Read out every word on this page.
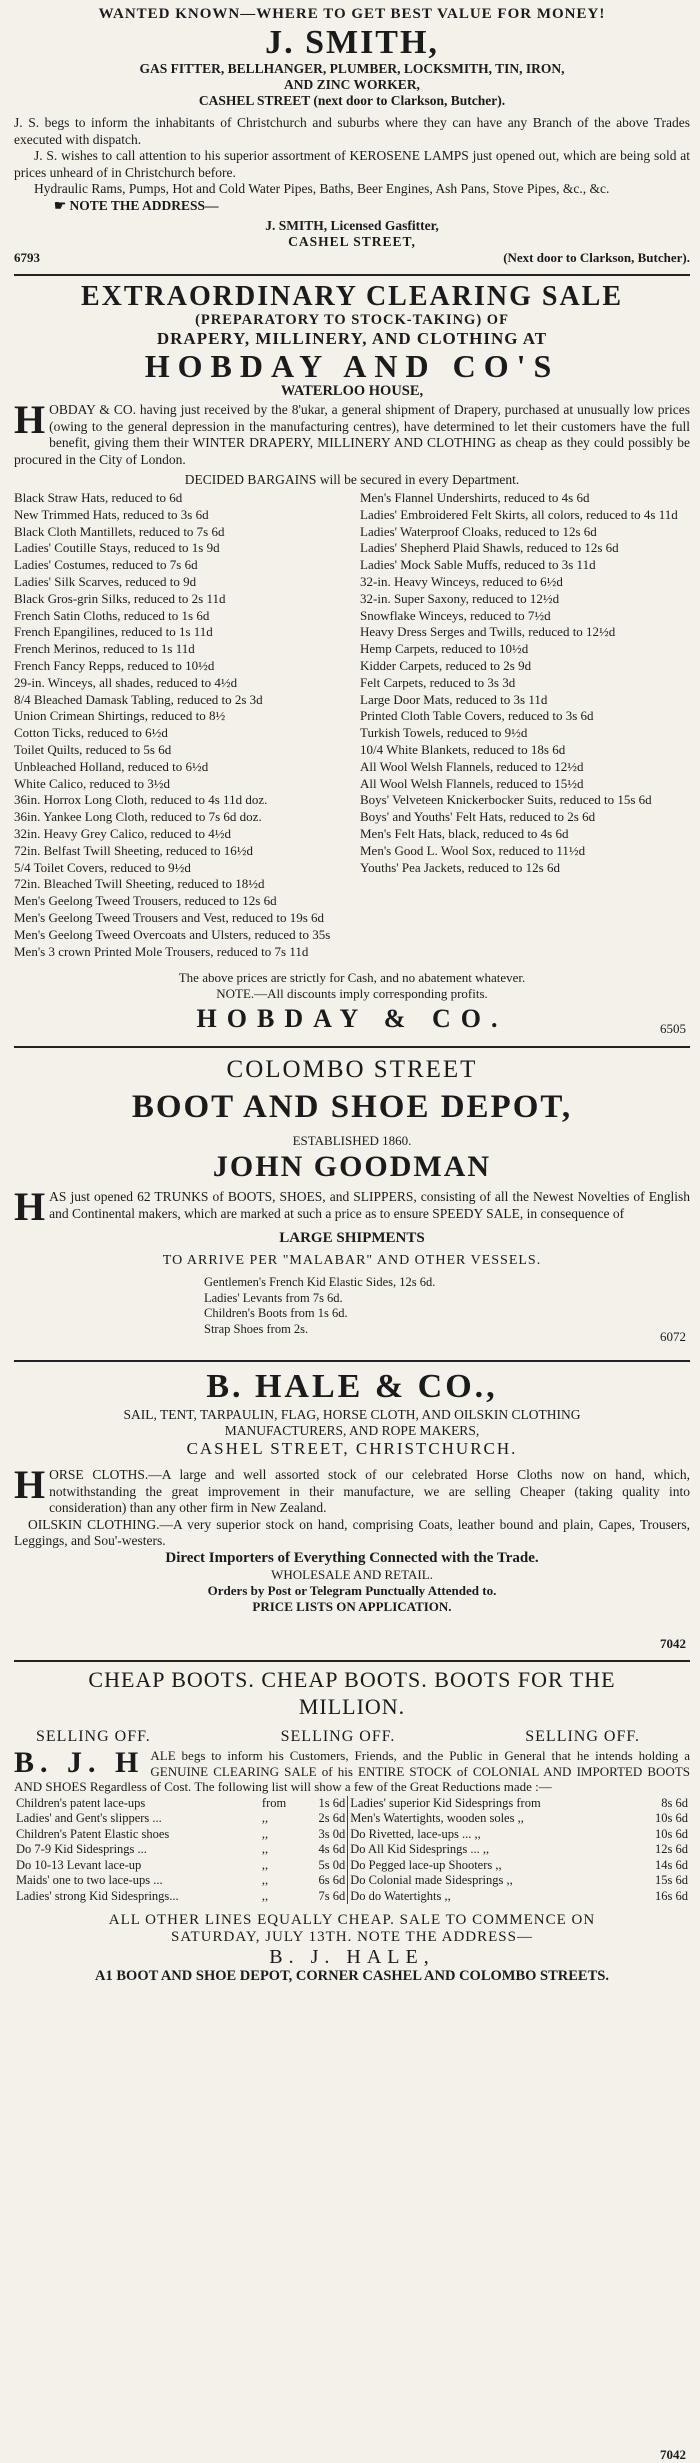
WANTED KNOWN—WHERE TO GET BEST VALUE FOR MONEY!
J. SMITH,
GAS FITTER, BELLHANGER, PLUMBER, LOCKSMITH, TIN, IRON,
AND ZINC WORKER,
CASHEL STREET (next door to Clarkson, Butcher).
J. S. begs to inform the inhabitants of Christchurch and suburbs where they can have any Branch of the above Trades executed with dispatch.
J. S. wishes to call attention to his superior assortment of KEROSENE LAMPS just opened out, which are being sold at prices unheard of in Christchurch before.
Hydraulic Rams, Pumps, Hot and Cold Water Pipes, Baths, Beer Engines, Ash Pans, Stove Pipes, &c., &c.
☛ NOTE THE ADDRESS—
J. SMITH, Licensed Gasfitter,
CASHEL STREET,
6793	(Next door to Clarkson, Butcher).
EXTRAORDINARY CLEARING SALE
(PREPARATORY TO STOCK-TAKING) OF
DRAPERY, MILLINERY, AND CLOTHING AT
HOBDAY AND CO'S
WATERLOO HOUSE,
HOBDAY & CO. having just received by the 8'ukar, a general shipment of Drapery, purchased at unusually low prices (owing to the general depression in the manufacturing centres), have determined to let their customers have the full benefit, giving them their WINTER DRAPERY, MILLINERY AND CLOTHING as cheap as they could possibly be procured in the City of London.
DECIDED BARGAINS will be secured in every Department.
Black Straw Hats, reduced to 6d
New Trimmed Hats, reduced to 3s 6d
Black Cloth Mantillets, reduced to 7s 6d
Ladies' Coutille Stays, reduced to 1s 9d
Ladies' Costumes, reduced to 7s 6d
Ladies' Silk Scarves, reduced to 9d
Black Gros-grin Silks, reduced to 2s 11d
French Satin Cloths, reduced to 1s 6d
French Epangilines, reduced to 1s 11d
French Merinos, reduced to 1s 11d
French Fancy Repps, reduced to 10½d
29-in. Winceys, all shades, reduced to 4½d
8/4 Bleached Damask Tabling, reduced to 2s 3d
Union Crimean Shirtings, reduced to 8½
Cotton Ticks, reduced to 6½d
Toilet Quilts, reduced to 5s 6d
Unbleached Holland, reduced to 6½d
White Calico, reduced to 3½d
36in. Horrox Long Cloth, reduced to 4s 11d doz.
36in. Yankee Long Cloth, reduced to 7s 6d doz.
32in. Heavy Grey Calico, reduced to 4½d
72in. Belfast Twill Sheeting, reduced to 16½d
5/4 Toilet Covers, reduced to 9½d
72in. Bleached Twill Sheeting, reduced to 18½d
Men's Geelong Tweed Trousers, reduced to 12s 6d
Men's Geelong Tweed Trousers and Vest, reduced to 19s 6d
Men's Geelong Tweed Overcoats and Ulsters, reduced to 35s
Men's 3 crown Printed Mole Trousers, reduced to 7s 11d
Men's Flannel Undershirts, reduced to 4s 6d
Ladies' Embroidered Felt Skirts, all colors, reduced to 4s 11d
Ladies' Waterproof Cloaks, reduced to 12s 6d
Ladies' Shepherd Plaid Shawls, reduced to 12s 6d
Ladies' Mock Sable Muffs, reduced to 3s 11d
32-in. Heavy Winceys, reduced to 6½d
32-in. Super Saxony, reduced to 12½d
Snowflake Winceys, reduced to 7½d
Heavy Dress Serges and Twills, reduced to 12½d
Hemp Carpets, reduced to 10½d
Kidder Carpets, reduced to 2s 9d
Felt Carpets, reduced to 3s 3d
Large Door Mats, reduced to 3s 11d
Printed Cloth Table Covers, reduced to 3s 6d
Turkish Towels, reduced to 9½d
10/4 White Blankets, reduced to 18s 6d
All Wool Welsh Flannels, reduced to 12½d
All Wool Welsh Flannels, reduced to 15½d
Boys' Velveteen Knickerbocker Suits, reduced to 15s 6d
Boys' and Youths' Felt Hats, reduced to 2s 6d
Men's Felt Hats, black, reduced to 4s 6d
Men's Good L. Wool Sox, reduced to 11½d
Youths' Pea Jackets, reduced to 12s 6d
The above prices are strictly for Cash, and no abatement whatever.
NOTE.—All discounts imply corresponding profits.
HOBDAY & CO.	6505
COLOMBO STREET
BOOT AND SHOE DEPOT,
ESTABLISHED 1860.
JOHN GOODMAN
HAS just opened 62 TRUNKS of BOOTS, SHOES, and SLIPPERS, consisting of all the Newest Novelties of English and Continental makers, which are marked at such a price as to ensure SPEEDY SALE, in consequence of
LARGE SHIPMENTS
TO ARRIVE PER "MALABAR" AND OTHER VESSELS.
Gentlemen's French Kid Elastic Sides, 12s 6d.
Ladies' Levants from 7s 6d.
Children's Boots from 1s 6d.
Strap Shoes from 2s.
6072
B. HALE & CO.,
SAIL, TENT, TARPAULIN, FLAG, HORSE CLOTH, AND OILSKIN CLOTHING
MANUFACTURERS, AND ROPE MAKERS,
CASHEL STREET, CHRISTCHURCH.
HORSE CLOTHS.—A large and well assorted stock of our celebrated Horse Cloths now on hand, which, notwithstanding the great improvement in their manufacture, we are selling Cheaper (taking quality into consideration) than any other firm in New Zealand.
OILSKIN CLOTHING.—A very superior stock on hand, comprising Coats, leather bound and plain, Capes, Trousers, Leggings, and Sou'-westers.
Direct Importers of Everything Connected with the Trade.
WHOLESALE AND RETAIL.
Orders by Post or Telegram Punctually Attended to.
PRICE LISTS ON APPLICATION.
7042
CHEAP BOOTS. CHEAP BOOTS. BOOTS FOR THE
MILLION.
SELLING OFF.	SELLING OFF.	SELLING OFF.
B. J. H ALE begs to inform his Customers, Friends, and the Public in General that he intends holding a GENUINE CLEARING SALE of his ENTIRE STOCK of COLONIAL AND IMPORTED BOOTS AND SHOES Regardless of Cost. The following list will show a few of the Great Reductions made :—
Children's patent lace-ups	from	1s 6d	Ladies' superior Kid Sidesprings from	8s 6d
Ladies' and Gent's slippers ...	,,	2s 6d	Men's Watertights, wooden soles ,,	10s 6d
Children's Patent Elastic shoes	,,	3s 0d	Do Rivetted, lace-ups ... ,,	10s 6d
Do 7-9 Kid Sidesprings ...	,,	4s 6d	Do All Kid Sidesprings ... ,,	12s 6d
Do 10-13 Levant lace-up	,,	5s 0d	Do Pegged lace-up Shooters ,,	14s 6d
Maids' one to two lace-ups ...	,,	6s 6d	Do Colonial made Sidesprings ,,	15s 6d
Ladies' strong Kid Sidesprings...	,,	7s 6d	Do do Watertights ,,	16s 6d
ALL OTHER LINES EQUALLY CHEAP. SALE TO COMMENCE ON
SATURDAY, JULY 13TH. NOTE THE ADDRESS—
B. J. HALE,
A1 BOOT AND SHOE DEPOT, CORNER CASHEL AND COLOMBO STREETS.
7042
